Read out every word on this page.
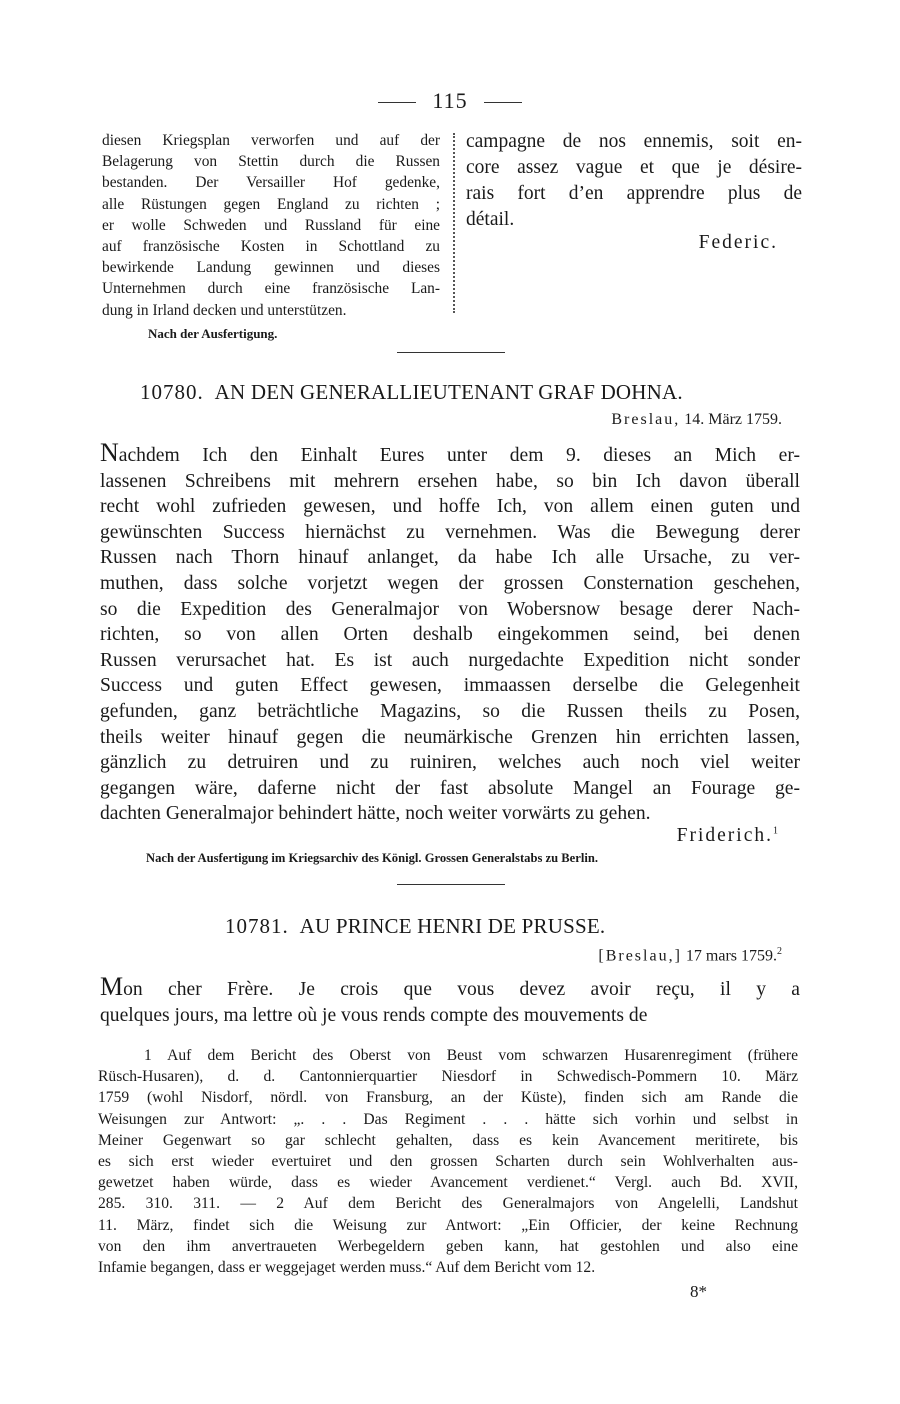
115
diesen Kriegsplan verworfen und auf der
Belagerung von Stettin durch die Russen
bestanden. Der Versailler Hof gedenke,
alle Rüstungen gegen England zu richten ;
er wolle Schweden und Russland für eine
auf französische Kosten in Schottland zu
bewirkende Landung gewinnen und dieses
Unternehmen durch eine französische Lan-
dung in Irland decken und unterstützen.
Nach der Ausfertigung.
campagne de nos ennemis, soit en-
core assez vague et que je désire-
rais fort d’en apprendre plus de
détail.
Federic.
10780. AN DEN GENERALLIEUTENANT GRAF DOHNA.
Breslau, 14. März 1759.
Nachdem Ich den Einhalt Eures unter dem 9. dieses an Mich er-
lassenen Schreibens mit mehrern ersehen habe, so bin Ich davon überall
recht wohl zufrieden gewesen, und hoffe Ich, von allem einen guten und
gewünschten Success hiernächst zu vernehmen. Was die Bewegung derer
Russen nach Thorn hinauf anlanget, da habe Ich alle Ursache, zu ver-
muthen, dass solche vorjetzt wegen der grossen Consternation geschehen,
so die Expedition des Generalmajor von Wobersnow besage derer Nach-
richten, so von allen Orten deshalb eingekommen seind, bei denen
Russen verursachet hat. Es ist auch nurgedachte Expedition nicht sonder
Success und guten Effect gewesen, immaassen derselbe die Gelegenheit
gefunden, ganz beträchtliche Magazins, so die Russen theils zu Posen,
theils weiter hinauf gegen die neumärkische Grenzen hin errichten lassen,
gänzlich zu detruiren und zu ruiniren, welches auch noch viel weiter
gegangen wäre, daferne nicht der fast absolute Mangel an Fourage ge-
dachten Generalmajor behindert hätte, noch weiter vorwärts zu gehen.
Friderich.$^1$
Nach der Ausfertigung im Kriegsarchiv des Königl. Grossen Generalstabs zu Berlin.
10781. AU PRINCE HENRI DE PRUSSE.
[Breslau,] 17 mars 1759.$^2$
Mon cher Frère. Je crois que vous devez avoir reçu, il y a
quelques jours, ma lettre où je vous rends compte des mouvements de
1 Auf dem Bericht des Oberst von Beust vom schwarzen Husarenregiment (frühere
Rüsch-Husaren), d. d. Cantonnierquartier Niesdorf in Schwedisch-Pommern 10. März
1759 (wohl Nisdorf, nördl. von Fransburg, an der Küste), finden sich am Rande die
Weisungen zur Antwort: „. . . Das Regiment . . . hätte sich vorhin und selbst in
Meiner Gegenwart so gar schlecht gehalten, dass es kein Avancement meritirete, bis
es sich erst wieder evertuiret und den grossen Scharten durch sein Wohlverhalten aus-
gewetzet haben würde, dass es wieder Avancement verdienet.“ Vergl. auch Bd. XVII,
285. 310. 311. — 2 Auf dem Bericht des Generalmajors von Angelelli, Landshut
11. März, findet sich die Weisung zur Antwort: „Ein Officier, der keine Rechnung
von den ihm anvertraueten Werbegeldern geben kann, hat gestohlen und also eine
Infamie begangen, dass er weggejaget werden muss.“ Auf dem Bericht vom 12.
8*
